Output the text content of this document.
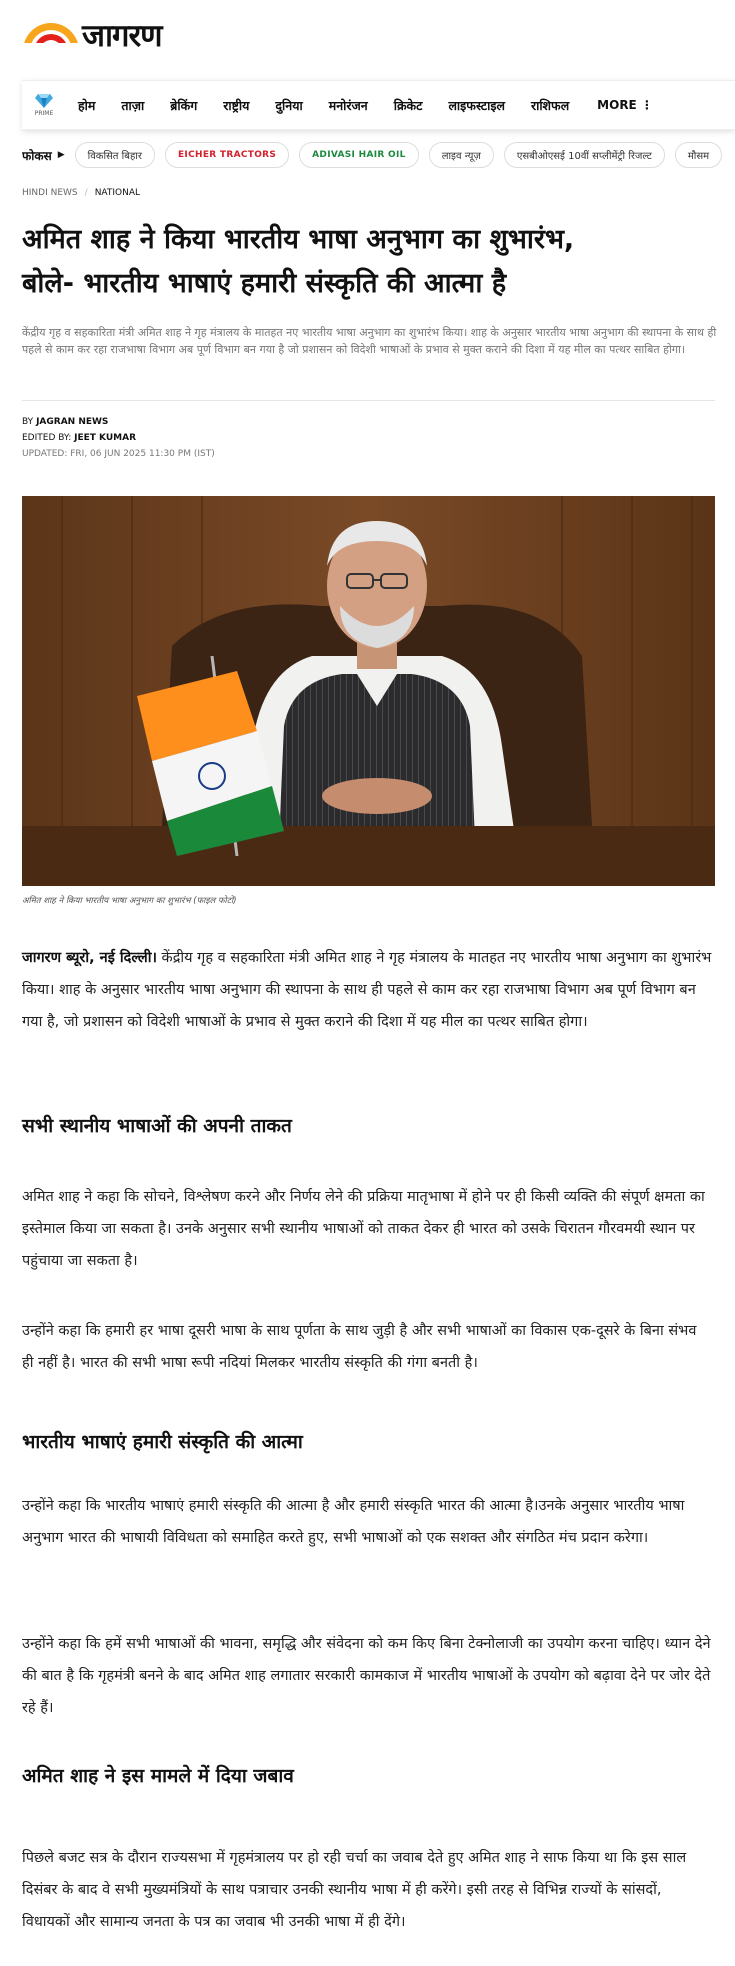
जागरण
PRIME
होम ताज़ा ब्रेकिंग राष्ट्रीय दुनिया मनोरंजन क्रिकेट लाइफस्टाइल राशिफल MORE ⋮
फोकस ▶	विकसित बिहार	EICHER TRACTORS	ADIVASI HAIR OIL	लाइव न्यूज़	एसबीओएसई 10वीं सप्लीमेंट्री रिजल्ट	मौसम
HINDI NEWS / NATIONAL
अमित शाह ने किया भारतीय भाषा अनुभाग का शुभारंभ,
बोले- भारतीय भाषाएं हमारी संस्कृति की आत्मा है

केंद्रीय गृह व सहकारिता मंत्री अमित शाह ने गृह मंत्रालय के मातहत नए भारतीय भाषा अनुभाग का शुभारंभ किया। शाह के अनुसार भारतीय भाषा अनुभाग की स्थापना के साथ ही पहले से काम कर रहा राजभाषा विभाग अब पूर्ण विभाग बन गया है जो प्रशासन को विदेशी भाषाओं के प्रभाव से मुक्त कराने की दिशा में यह मील का पत्थर साबित होगा।

BY JAGRAN NEWS
EDITED BY: JEET KUMAR
UPDATED: FRI, 06 JUN 2025 11:30 PM (IST)
अमित शाह ने किया भारतीय भाषा अनुभाग का शुभारंभ (फाइल फोटो)

जागरण ब्यूरो, नई दिल्ली। केंद्रीय गृह व सहकारिता मंत्री अमित शाह ने गृह मंत्रालय के मातहत नए भारतीय भाषा अनुभाग का शुभारंभ किया। शाह के अनुसार भारतीय भाषा अनुभाग की स्थापना के साथ ही पहले से काम कर रहा राजभाषा विभाग अब पूर्ण विभाग बन गया है, जो प्रशासन को विदेशी भाषाओं के प्रभाव से मुक्त कराने की दिशा में यह मील का पत्थर साबित होगा।

सभी स्थानीय भाषाओं की अपनी ताकत

अमित शाह ने कहा कि सोचने, विश्लेषण करने और निर्णय लेने की प्रक्रिया मातृभाषा में होने पर ही किसी व्यक्ति की संपूर्ण क्षमता का इस्तेमाल किया जा सकता है। उनके अनुसार सभी स्थानीय भाषाओं को ताकत देकर ही भारत को उसके चिरातन गौरवमयी स्थान पर पहुंचाया जा सकता है।

उन्होंने कहा कि हमारी हर भाषा दूसरी भाषा के साथ पूर्णता के साथ जुड़ी है और सभी भाषाओं का विकास एक-दूसरे के बिना संभव ही नहीं है। भारत की सभी भाषा रूपी नदियां मिलकर भारतीय संस्कृति की गंगा बनती है।

भारतीय भाषाएं हमारी संस्कृति की आत्मा

उन्होंने कहा कि भारतीय भाषाएं हमारी संस्कृति की आत्मा है और हमारी संस्कृति भारत की आत्मा है।उनके अनुसार भारतीय भाषा अनुभाग भारत की भाषायी विविधता को समाहित करते हुए, सभी भाषाओं को एक सशक्त और संगठित मंच प्रदान करेगा।

उन्होंने कहा कि हमें सभी भाषाओं की भावना, समृद्धि और संवेदना को कम किए बिना टेक्नोलाजी का उपयोग करना चाहिए। ध्यान देने की बात है कि गृहमंत्री बनने के बाद अमित शाह लगातार सरकारी कामकाज में भारतीय भाषाओं के उपयोग को बढ़ावा देने पर जोर देते रहे हैं।

अमित शाह ने इस मामले में दिया जबाव

पिछले बजट सत्र के दौरान राज्यसभा में गृहमंत्रालय पर हो रही चर्चा का जवाब देते हुए अमित शाह ने साफ किया था कि इस साल दिसंबर के बाद वे सभी मुख्यमंत्रियों के साथ पत्राचार उनकी स्थानीय भाषा में ही करेंगे। इसी तरह से विभिन्न राज्यों के सांसदों, विधायकों और सामान्य जनता के पत्र का जवाब भी उनकी भाषा में ही देंगे।
